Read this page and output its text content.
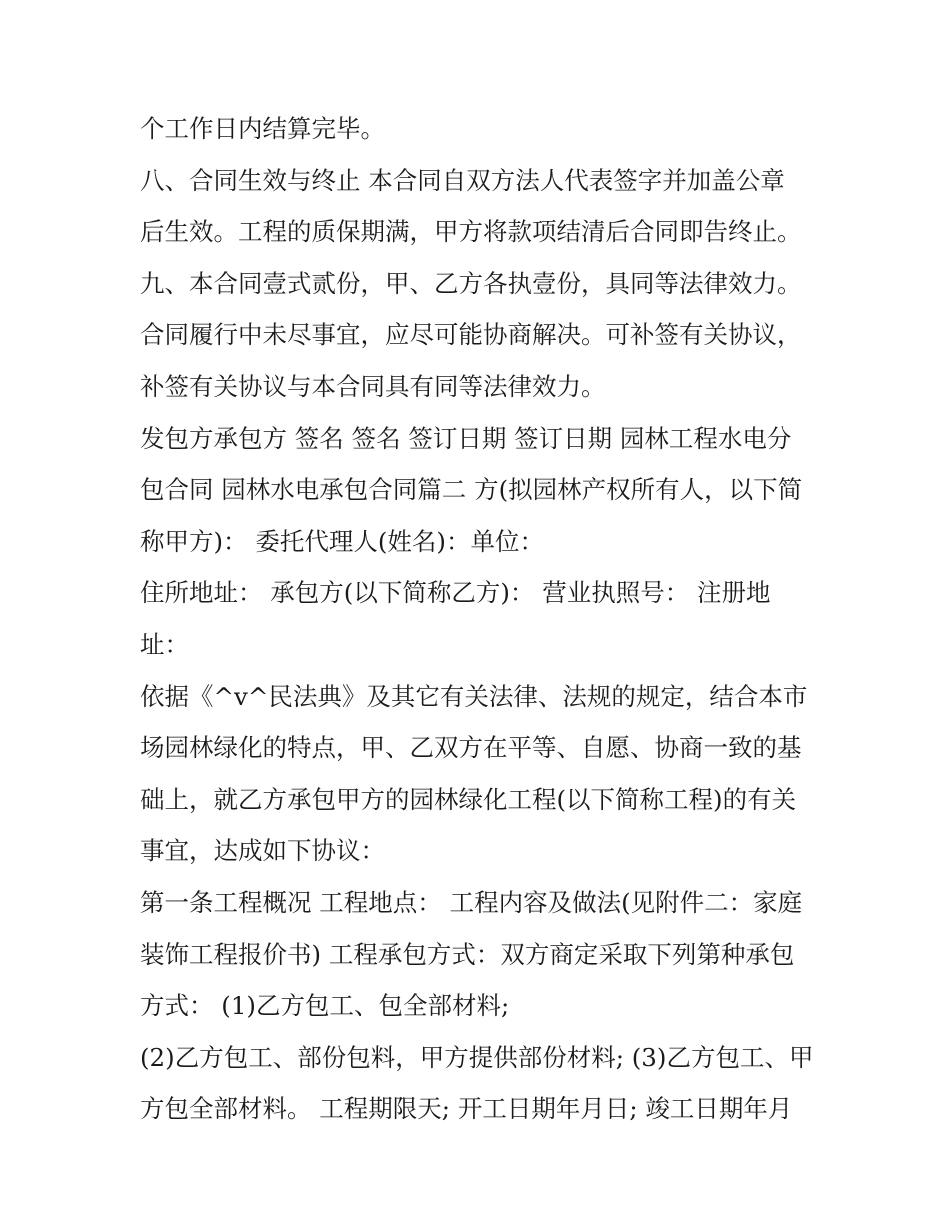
个工作日内结算完毕。
八、合同生效与终止 本合同自双方法人代表签字并加盖公章
后生效。工程的质保期满，甲方将款项结清后合同即告终止。
九、本合同壹式贰份，甲、乙方各执壹份，具同等法律效力。
合同履行中未尽事宜，应尽可能协商解决。可补签有关协议，
补签有关协议与本合同具有同等法律效力。
发包方承包方 签名 签名 签订日期 签订日期 园林工程水电分
包合同 园林水电承包合同篇二 方(拟园林产权所有人，以下简
称甲方)： 委托代理人(姓名)：单位：
住所地址： 承包方(以下简称乙方)： 营业执照号： 注册地
址：
依据《^v^民法典》及其它有关法律、法规的规定，结合本市
场园林绿化的特点，甲、乙双方在平等、自愿、协商一致的基
础上，就乙方承包甲方的园林绿化工程(以下简称工程)的有关
事宜，达成如下协议：
第一条工程概况 工程地点： 工程内容及做法(见附件二：家庭
装饰工程报价书) 工程承包方式：双方商定采取下列第种承包
方式： (1)乙方包工、包全部材料;
(2)乙方包工、部份包料，甲方提供部份材料; (3)乙方包工、甲
方包全部材料。 工程期限天; 开工日期年月日; 竣工日期年月
